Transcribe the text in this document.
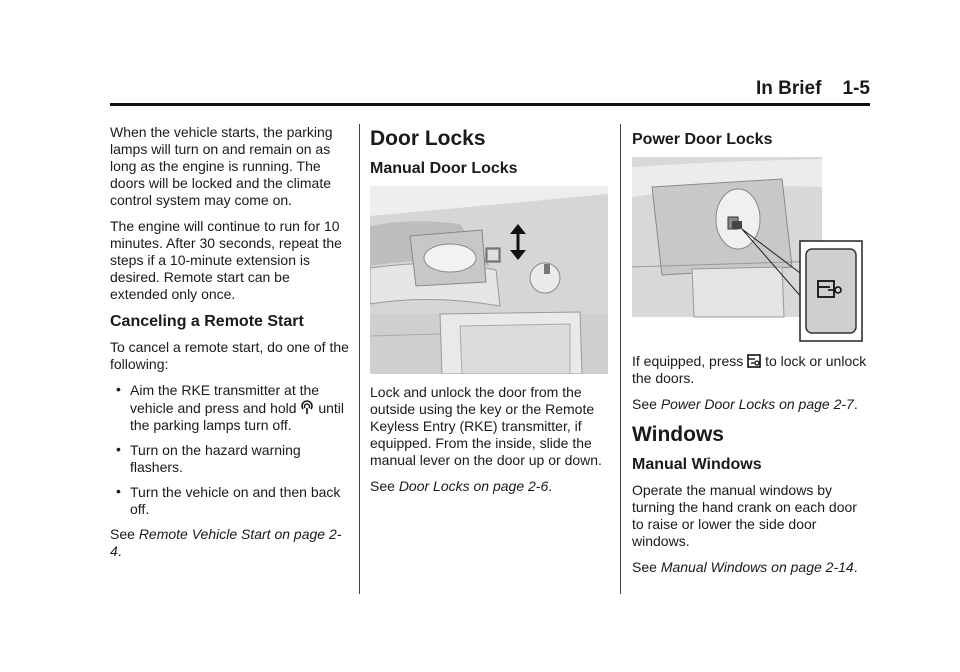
In Brief 1-5

When the vehicle starts, the parking lamps will turn on and remain on as long as the engine is running. The doors will be locked and the climate control system may come on.

The engine will continue to run for 10 minutes. After 30 seconds, repeat the steps if a 10-minute extension is desired. Remote start can be extended only once.

Canceling a Remote Start

To cancel a remote start, do one of the following:

• Aim the RKE transmitter at the vehicle and press and hold until the parking lamps turn off.
• Turn on the hazard warning flashers.
• Turn the vehicle on and then back off.

See Remote Vehicle Start on page 2-4.

Door Locks
Manual Door Locks

Lock and unlock the door from the outside using the key or the Remote Keyless Entry (RKE) transmitter, if equipped. From the inside, slide the manual lever on the door up or down.

See Door Locks on page 2-6.

Power Door Locks

If equipped, press to lock or unlock the doors.

See Power Door Locks on page 2-7.

Windows
Manual Windows

Operate the manual windows by turning the hand crank on each door to raise or lower the side door windows.

See Manual Windows on page 2-14.
